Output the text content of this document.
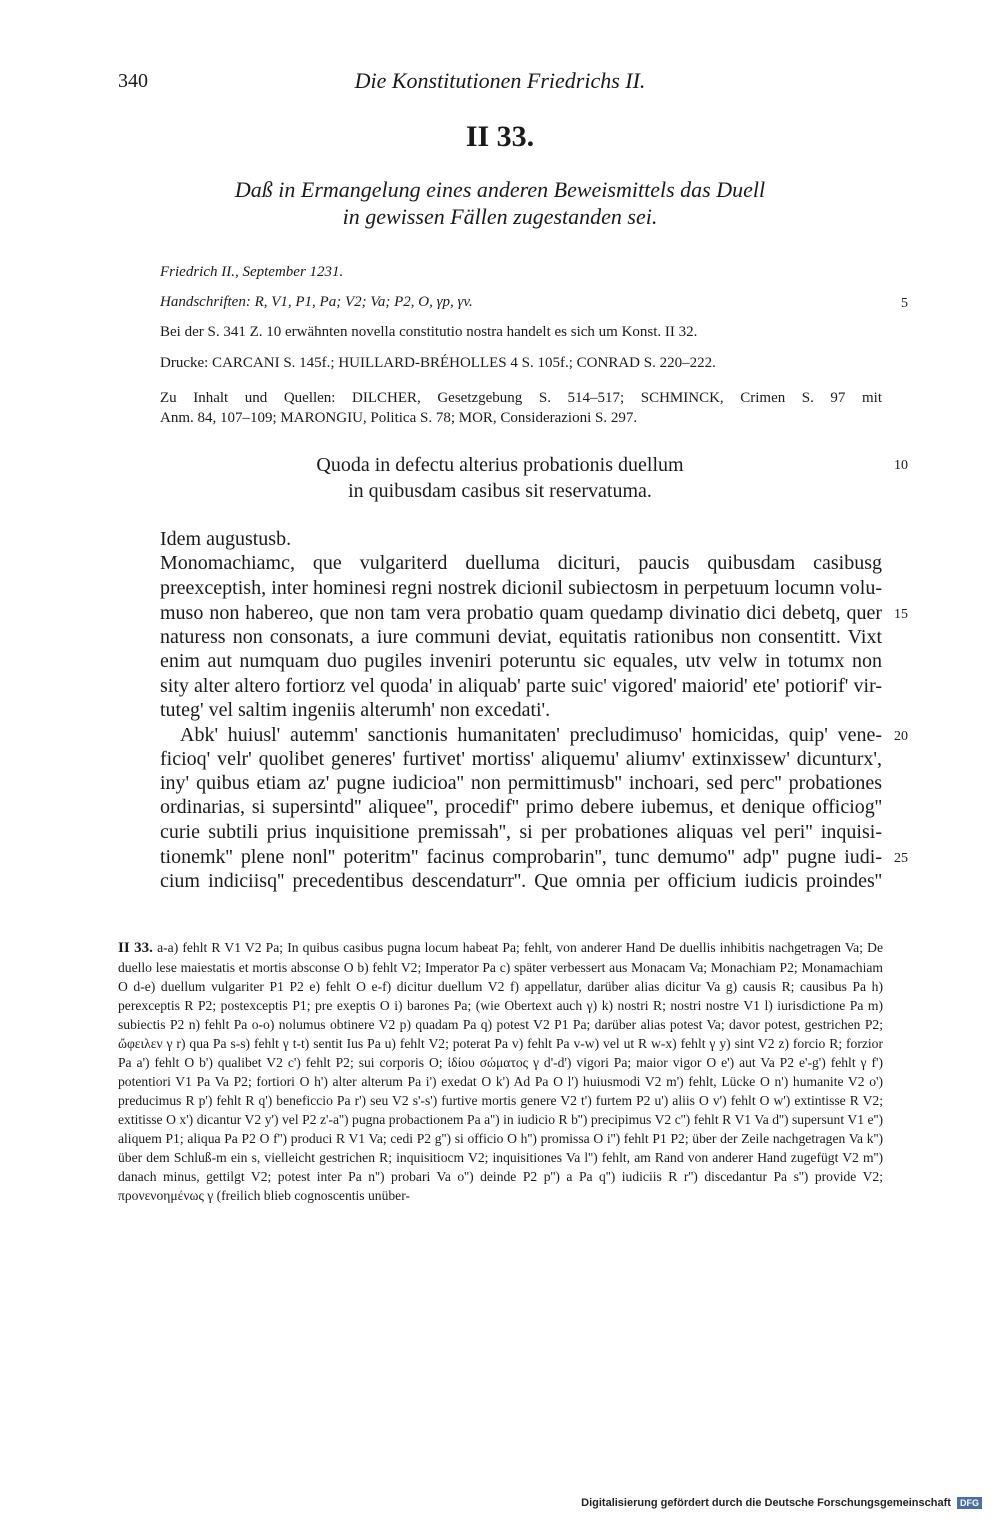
340	Die Konstitutionen Friedrichs II.
II 33.
Daß in Ermangelung eines anderen Beweismittels das Duell
in gewissen Fällen zugestanden sei.
Friedrich II., September 1231.
Handschriften: R, V1, P1, Pa; V2; Va; P2, O, γp, γv.
Bei der S. 341 Z. 10 erwähnten novella constitutio nostra handelt es sich um Konst. II 32.
Drucke: CARCANI S. 145f.; HUILLARD-BRÉHOLLES 4 S. 105f.; CONRAD S. 220–222.
Zu Inhalt und Quellen: DILCHER, Gesetzgebung S. 514–517; SCHMINCK, Crimen S. 97 mit
Anm. 84, 107–109; MARONGIU, Politica S. 78; MOR, Considerazioni S. 297.
5
10
15
20
25
Quoda in defectu alterius probationis duellum
in quibusdam casibus sit reservatuma.
Idem augustusb.
Monomachiamc, que vulgariterd duelluma dicituri, paucis quibusdam casibusg
preexceptish, inter hominesi regni nostrek dicionil subiectosm in perpetuum locumn volu-
muso non habereo, que non tam vera probatio quam quedamp divinatio dici debetq, quer
naturess non consonats, a iure communi deviat, equitatis rationibus non consentitt. Vixt
enim aut numquam duo pugiles inveniri poteruntu sic equales, utv velw in totumx non
sity alter altero fortiorz vel quoda' in aliquab' parte suic' vigored' maiorid' ete' potiorif' vir-
tuteg' vel saltim ingeniis alterumh' non excedati'.
Abk' huiusl' autemm' sanctionis humanitaten' precludimuso' homicidas, quip' vene-
ficioq' velr' quolibet generes' furtivet' mortiss' aliquemu' aliumv' extinxissew' dicunturx',
iny' quibus etiam az' pugne iudicioa'' non permittimusb'' inchoari, sed perc'' probationes
ordinarias, si supersintd'' aliquee'', procedif'' primo debere iubemus, et denique officiog''
curie subtili prius inquisitione premissah'', si per probationes aliquas vel peri'' inquisi-
tionemk'' plene nonl'' poteritm'' facinus comprobarin'', tunc demumo'' adp'' pugne iudi-
cium indiciisq'' precedentibus descendaturr''. Que omnia per officium iudicis proindes''
II 33. a-a) fehlt R V1 V2 Pa; In quibus casibus pugna locum habeat Pa; fehlt, von anderer Hand De duellis inhibitis nachgetragen Va; De duello lese maiestatis et mortis absconse O b) fehlt V2; Imperator Pa c) später verbessert aus Monacam Va; Monachiam P2; Monamachiam O d-e) duellum vulgariter P1 P2 e) fehlt O e-f) dicitur duellum V2 f) appellatur, darüber alias dicitur Va g) causis R; causibus Pa h) perexceptis R P2; postexceptis P1; pre exeptis O i) barones Pa; (wie Obertext auch γ) k) nostri R; nostri nostre V1 l) iurisdictione Pa m) subiectis P2 n) fehlt Pa o-o) nolumus obtinere V2 p) quadam Pa q) potest V2 P1 Pa; darüber alias potest Va; davor potest, gestrichen P2; ὤφειλεν γ r) qua Pa s-s) fehlt γ t-t) sentit Ius Pa u) fehlt V2; poterat Pa v) fehlt Pa v-w) vel ut R w-x) fehlt γ y) sint V2 z) forcio R; forzior Pa a') fehlt O b') qualibet V2 c') fehlt P2; sui corporis O; ἰδίου σώματος γ d'-d') vigori Pa; maior vigor O e') aut Va P2 e'-g') fehlt γ f') potentiori V1 Pa Va P2; fortiori O h') alter alterum Pa i') exedat O k') Ad Pa O l') huiusmodi V2 m') fehlt, Lücke O n') humanite V2 o') preducimus R p') fehlt R q') beneficcio Pa r') seu V2 s'-s') furtive mortis genere V2 t') furtem P2 u') aliis O v') fehlt O w') extintisse R V2; extitisse O x') dicantur V2 y') vel P2 z'-a'') pugna probactionem Pa a'') in iudicio R b'') precipimus V2 c'') fehlt R V1 Va d'') supersunt V1 e'') aliquem P1; aliqua Pa P2 O f'') produci R V1 Va; cedi P2 g'') si officio O h'') promissa O i'') fehlt P1 P2; über der Zeile nachgetragen Va k'') über dem Schluß-m ein s, vielleicht gestrichen R; inquisitiocm V2; inquisitiones Va l'') fehlt, am Rand von anderer Hand zugefügt V2 m'') danach minus, gettilgt V2; potest inter Pa n'') probari Va o'') deinde P2 p'') a Pa q'') iudiciis R r'') discedantur Pa s'') provide V2; προνενοημένως γ (freilich blieb cognoscentis unüber-
Digitalisierung gefördert durch die Deutsche Forschungsgemeinschaft DFG
